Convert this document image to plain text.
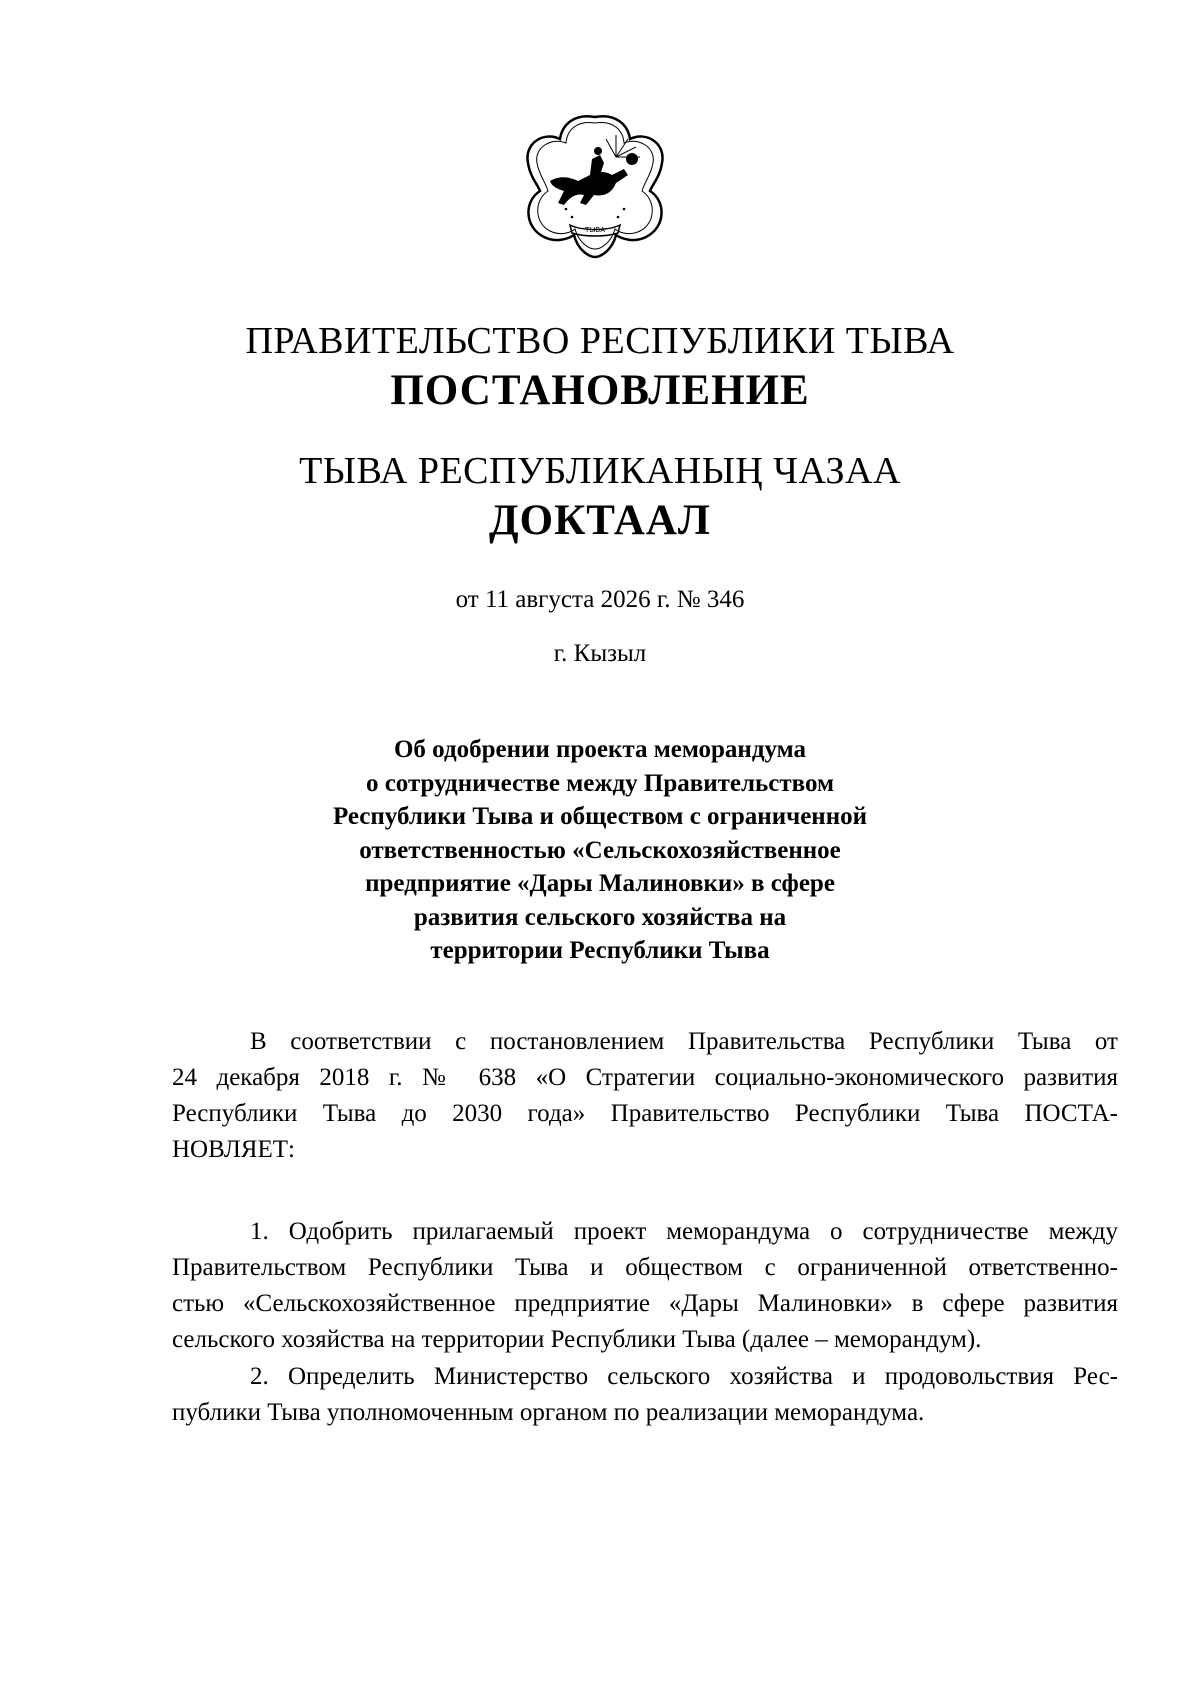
ТЫВА
ПРАВИТЕЛЬСТВО РЕСПУБЛИКИ ТЫВА
ПОСТАНОВЛЕНИЕ
ТЫВА РЕСПУБЛИКАНЫҢ ЧАЗАА
ДОКТААЛ
от 11 августа 2026 г. № 346
г. Кызыл
Об одобрении проекта меморандума
о сотрудничестве между Правительством
Республики Тыва и обществом с ограниченной
ответственностью «Сельскохозяйственное
предприятие «Дары Малиновки» в сфере
развития сельского хозяйства на
территории Республики Тыва
В соответствии с постановлением Правительства Республики Тыва от
24 декабря 2018 г. № 638 «О Стратегии социально-экономического развития
Республики Тыва до 2030 года» Правительство Республики Тыва ПОСТА-
НОВЛЯЕТ:
1. Одобрить прилагаемый проект меморандума о сотрудничестве между
Правительством Республики Тыва и обществом с ограниченной ответственно-
стью «Сельскохозяйственное предприятие «Дары Малиновки» в сфере развития
сельского хозяйства на территории Республики Тыва (далее – меморандум).
2. Определить Министерство сельского хозяйства и продовольствия Рес-
публики Тыва уполномоченным органом по реализации меморандума.
